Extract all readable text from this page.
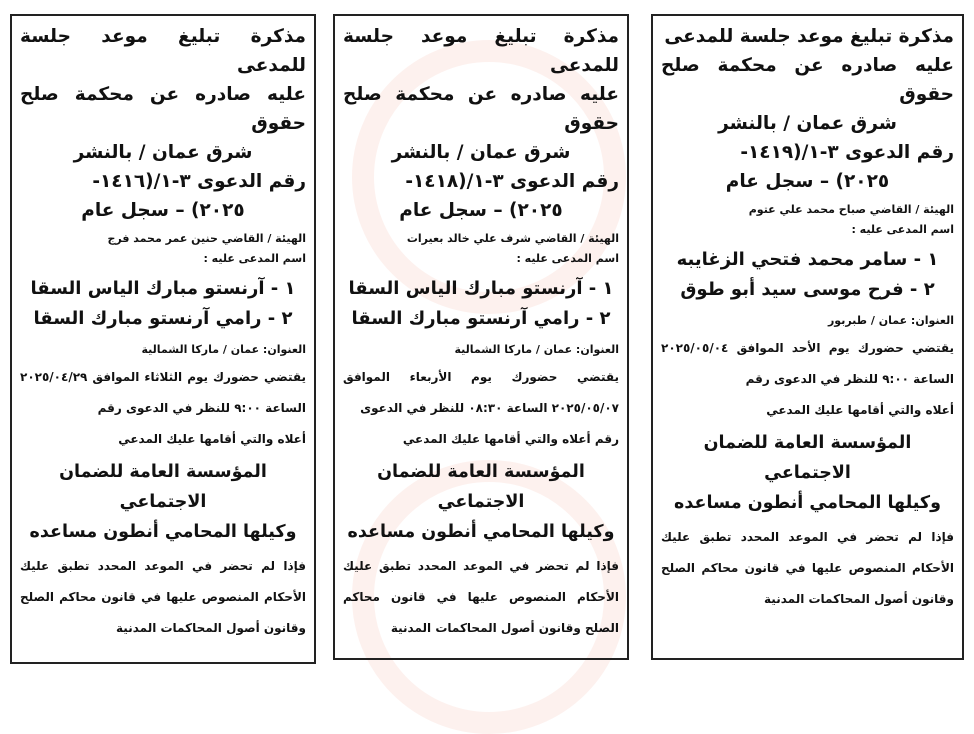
مذكرة تبليغ موعد جلسة للمدعى

عليه صادره عن محكمة صلح حقوق

شرق عمان / بالنشر

رقم الدعوى ٣-١/(١٤١٦-

٢٠٢٥) – سجل عام

الهيئة / القاضي حنين عمر محمد فرج

اسم المدعى عليه :

١ - آرنستو مبارك الياس السقا
٢ - رامي آرنستو مبارك السقا

العنوان: عمان / ماركا الشمالية

يقتضي حضورك يوم الثلاثاء الموافق ٢٠٢٥/٠٤/٢٩ الساعة ٩:٠٠ للنظر في الدعوى رقم
أعلاه والتي أقامها عليك المدعي

المؤسسة العامة للضمان الاجتماعي
وكيلها المحامي أنطون مساعده

فإذا لم تحضر في الموعد المحدد تطبق عليك الأحكام المنصوص عليها في قانون محاكم الصلح وقانون أصول المحاكمات المدنية

مذكرة تبليغ موعد جلسة للمدعى

عليه صادره عن محكمة صلح حقوق

شرق عمان / بالنشر

رقم الدعوى ٣-١/(١٤١٨-

٢٠٢٥) – سجل عام

الهيئة / القاضي شرف علي خالد بعيرات

اسم المدعى عليه :

١ - آرنستو مبارك الياس السقا
٢ - رامي آرنستو مبارك السقا

العنوان: عمان / ماركا الشمالية

يقتضي حضورك يوم الأربعاء الموافق ٢٠٢٥/٠٥/٠٧ الساعة ٠٨:٣٠ للنظر في الدعوى
رقم أعلاه والتي أقامها عليك المدعي

المؤسسة العامة للضمان الاجتماعي
وكيلها المحامي أنطون مساعده

فإذا لم تحضر في الموعد المحدد تطبق عليك الأحكام المنصوص عليها في قانون محاكم الصلح وقانون أصول المحاكمات المدنية

مذكرة تبليغ موعد جلسة للمدعى

عليه صادره عن محكمة صلح حقوق

شرق عمان / بالنشر

رقم الدعوى ٣-١/(١٤١٩-

٢٠٢٥) – سجل عام

الهيئة / القاضي صباح محمد علي عتوم

اسم المدعى عليه :

١ - سامر محمد فتحي الزغايبه
٢ - فرح موسى سيد أبو طوق

العنوان: عمان / طبربور

يقتضي حضورك يوم الأحد الموافق ٢٠٢٥/٠٥/٠٤ الساعة ٩:٠٠ للنظر في الدعوى رقم
أعلاه والتي أقامها عليك المدعي

المؤسسة العامة للضمان الاجتماعي
وكيلها المحامي أنطون مساعده

فإذا لم تحضر في الموعد المحدد تطبق عليك الأحكام المنصوص عليها في قانون محاكم الصلح وقانون أصول المحاكمات المدنية
